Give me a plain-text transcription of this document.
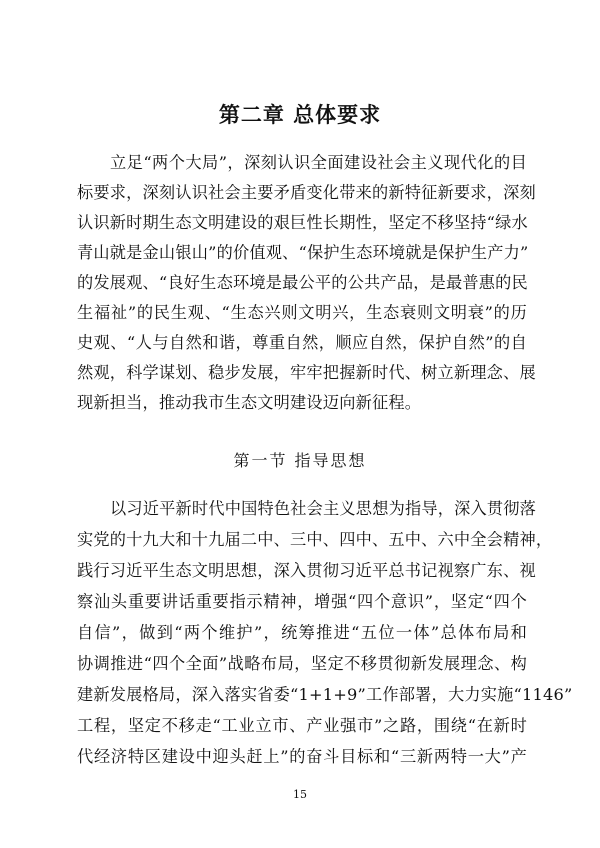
第二章 总体要求
立足“两个大局”，深刻认识全面建设社会主义现代化的目
标要求，深刻认识社会主要矛盾变化带来的新特征新要求，深刻
认识新时期生态文明建设的艰巨性长期性，坚定不移坚持“绿水
青山就是金山银山”的价值观、“保护生态环境就是保护生产力”
的发展观、“良好生态环境是最公平的公共产品，是最普惠的民
生福祉”的民生观、“生态兴则文明兴，生态衰则文明衰”的历
史观、“人与自然和谐，尊重自然，顺应自然，保护自然”的自
然观，科学谋划、稳步发展，牢牢把握新时代、树立新理念、展
现新担当，推动我市生态文明建设迈向新征程。
第一节 指导思想
以习近平新时代中国特色社会主义思想为指导，深入贯彻落
实党的十九大和十九届二中、三中、四中、五中、六中全会精神，
践行习近平生态文明思想，深入贯彻习近平总书记视察广东、视
察汕头重要讲话重要指示精神，增强“四个意识”，坚定“四个
自信”，做到“两个维护”，统筹推进“五位一体”总体布局和
协调推进“四个全面”战略布局，坚定不移贯彻新发展理念、构
建新发展格局，深入落实省委“1+1+9”工作部署，大力实施“1146”
工程，坚定不移走“工业立市、产业强市”之路，围绕“在新时
代经济特区建设中迎头赶上”的奋斗目标和“三新两特一大”产
15
